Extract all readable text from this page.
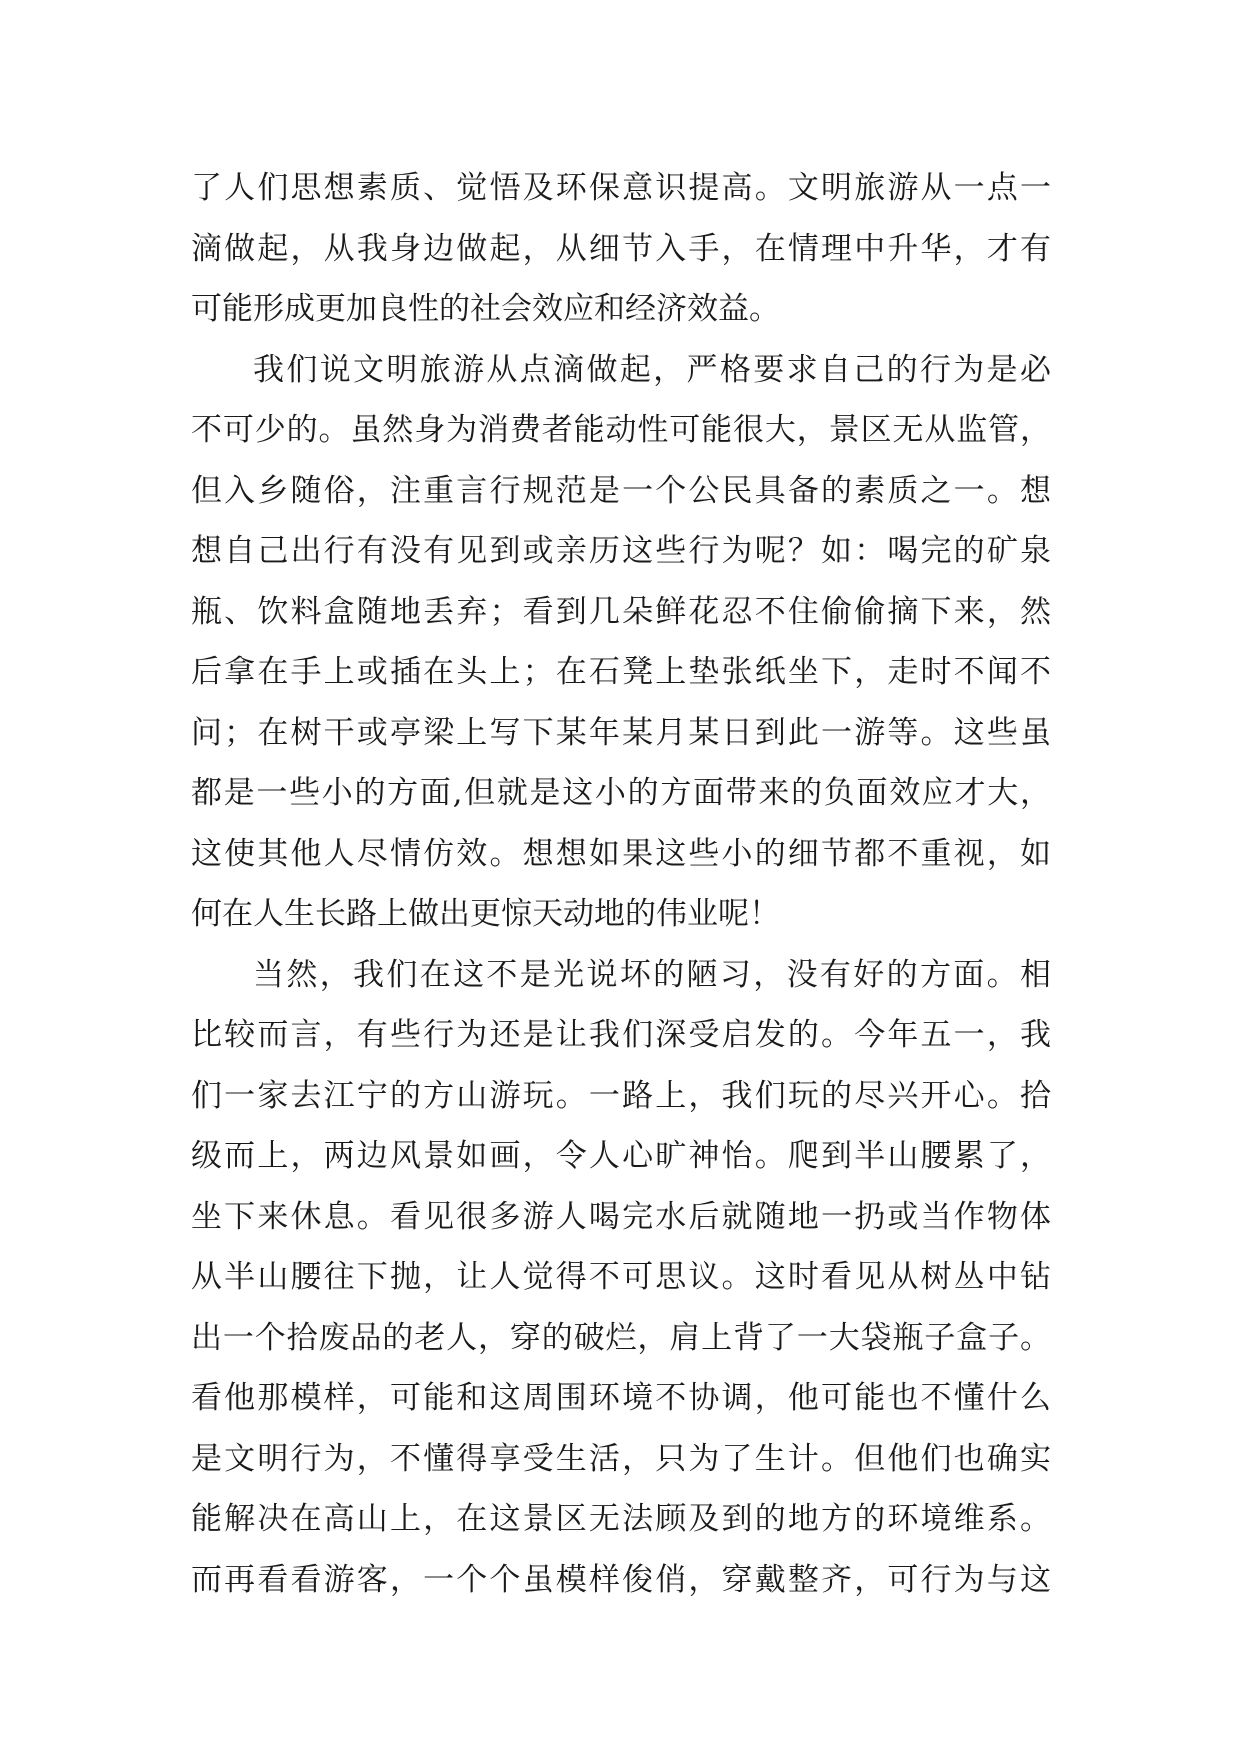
了人们思想素质、觉悟及环保意识提高。文明旅游从一点一
滴做起，从我身边做起，从细节入手，在情理中升华，才有
可能形成更加良性的社会效应和经济效益。
我们说文明旅游从点滴做起，严格要求自己的行为是必
不可少的。虽然身为消费者能动性可能很大，景区无从监管，
但入乡随俗，注重言行规范是一个公民具备的素质之一。想
想自己出行有没有见到或亲历这些行为呢？如：喝完的矿泉
瓶、饮料盒随地丢弃；看到几朵鲜花忍不住偷偷摘下来，然
后拿在手上或插在头上；在石凳上垫张纸坐下，走时不闻不
问；在树干或亭梁上写下某年某月某日到此一游等。这些虽
都是一些小的方面,但就是这小的方面带来的负面效应才大，
这使其他人尽情仿效。想想如果这些小的细节都不重视，如
何在人生长路上做出更惊天动地的伟业呢！
当然，我们在这不是光说坏的陋习，没有好的方面。相
比较而言，有些行为还是让我们深受启发的。今年五一，我
们一家去江宁的方山游玩。一路上，我们玩的尽兴开心。拾
级而上，两边风景如画，令人心旷神怡。爬到半山腰累了，
坐下来休息。看见很多游人喝完水后就随地一扔或当作物体
从半山腰往下抛，让人觉得不可思议。这时看见从树丛中钻
出一个拾废品的老人，穿的破烂，肩上背了一大袋瓶子盒子。
看他那模样，可能和这周围环境不协调，他可能也不懂什么
是文明行为，不懂得享受生活，只为了生计。但他们也确实
能解决在高山上，在这景区无法顾及到的地方的环境维系。
而再看看游客，一个个虽模样俊俏，穿戴整齐，可行为与这
